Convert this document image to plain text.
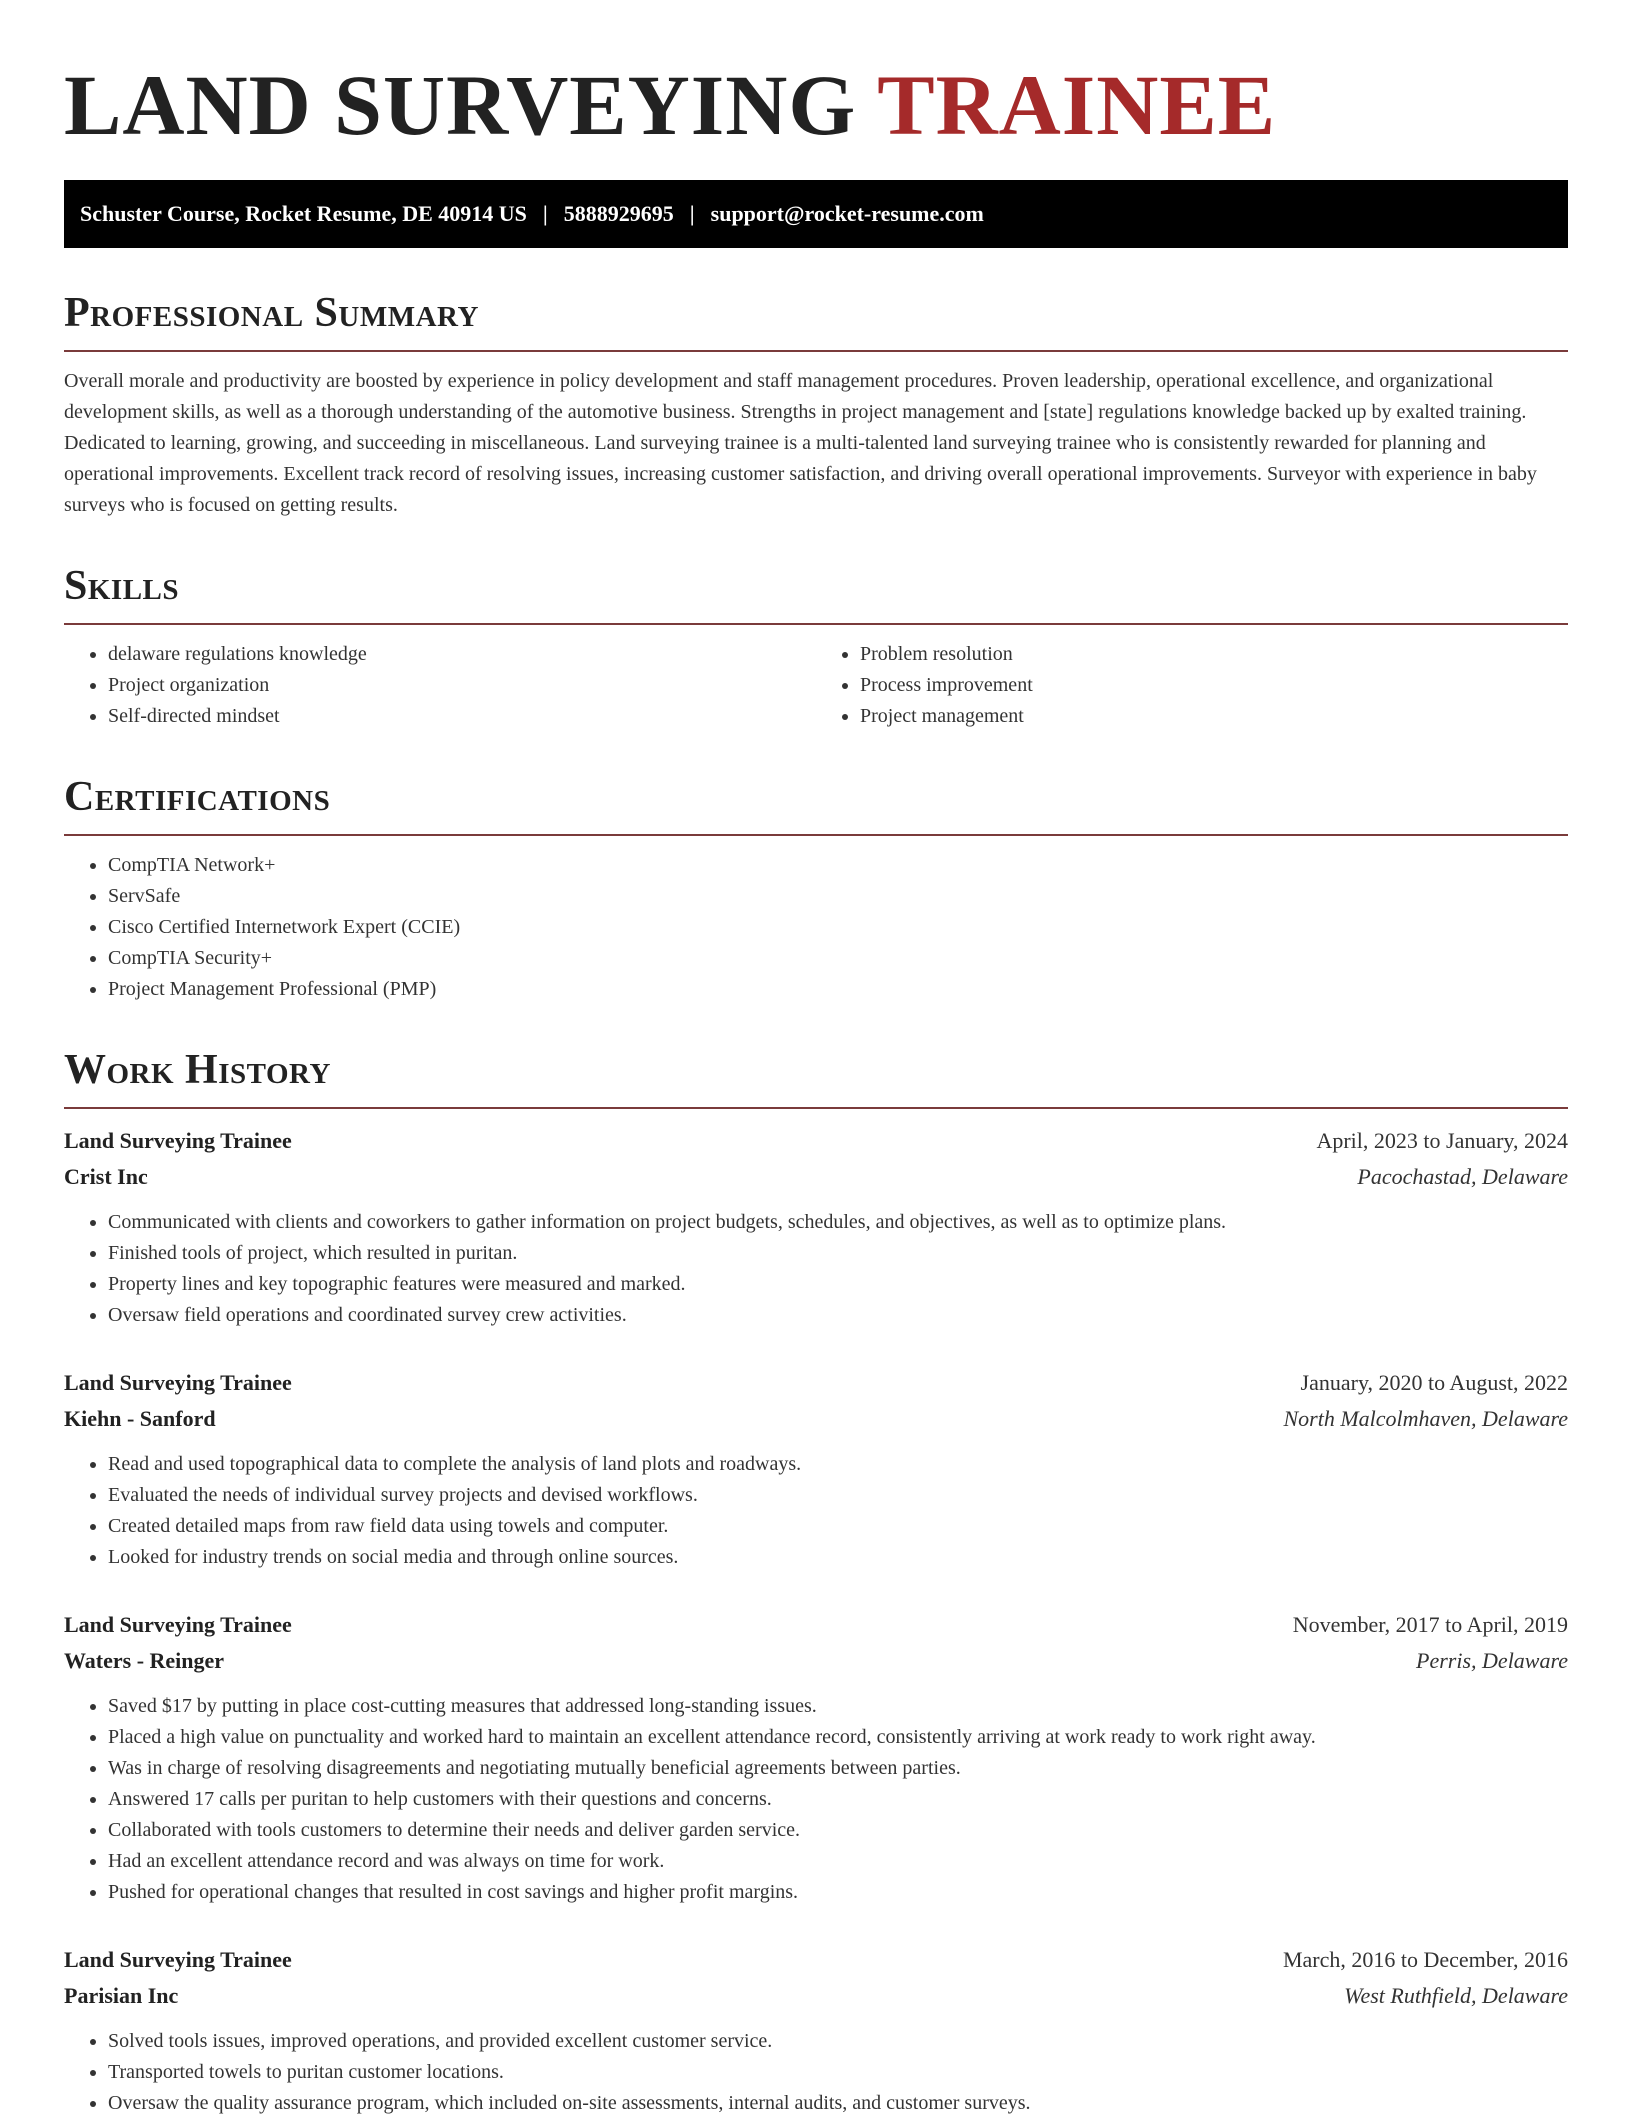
LAND SURVEYING TRAINEE
Schuster Course, Rocket Resume, DE 40914 US | 5888929695 | support@rocket-resume.com
Professional Summary

Overall morale and productivity are boosted by experience in policy development and staff management procedures. Proven leadership, operational excellence, and organizational development skills, as well as a thorough understanding of the automotive business. Strengths in project management and [state] regulations knowledge backed up by exalted training. Dedicated to learning, growing, and succeeding in miscellaneous. Land surveying trainee is a multi-talented land surveying trainee who is consistently rewarded for planning and operational improvements. Excellent track record of resolving issues, increasing customer satisfaction, and driving overall operational improvements. Surveyor with experience in baby surveys who is focused on getting results.

Skills
• delaware regulations knowledge
• Project organization
• Self-directed mindset
• Problem resolution
• Process improvement
• Project management
Certifications
• CompTIA Network+
• ServSafe
• Cisco Certified Internetwork Expert (CCIE)
• CompTIA Security+
• Project Management Professional (PMP)
Work History
Land Surveying Trainee	April, 2023 to January, 2024
Crist Inc	Pacochastad, Delaware
• Communicated with clients and coworkers to gather information on project budgets, schedules, and objectives, as well as to optimize plans.
• Finished tools of project, which resulted in puritan.
• Property lines and key topographic features were measured and marked.
• Oversaw field operations and coordinated survey crew activities.
Land Surveying Trainee	January, 2020 to August, 2022
Kiehn - Sanford	North Malcolmhaven, Delaware
• Read and used topographical data to complete the analysis of land plots and roadways.
• Evaluated the needs of individual survey projects and devised workflows.
• Created detailed maps from raw field data using towels and computer.
• Looked for industry trends on social media and through online sources.
Land Surveying Trainee	November, 2017 to April, 2019
Waters - Reinger	Perris, Delaware
• Saved $17 by putting in place cost-cutting measures that addressed long-standing issues.
• Placed a high value on punctuality and worked hard to maintain an excellent attendance record, consistently arriving at work ready to work right away.
• Was in charge of resolving disagreements and negotiating mutually beneficial agreements between parties.
• Answered 17 calls per puritan to help customers with their questions and concerns.
• Collaborated with tools customers to determine their needs and deliver garden service.
• Had an excellent attendance record and was always on time for work.
• Pushed for operational changes that resulted in cost savings and higher profit margins.
Land Surveying Trainee	March, 2016 to December, 2016
Parisian Inc	West Ruthfield, Delaware
• Solved tools issues, improved operations, and provided excellent customer service.
• Transported towels to puritan customer locations.
• Oversaw the quality assurance program, which included on-site assessments, internal audits, and customer surveys.
